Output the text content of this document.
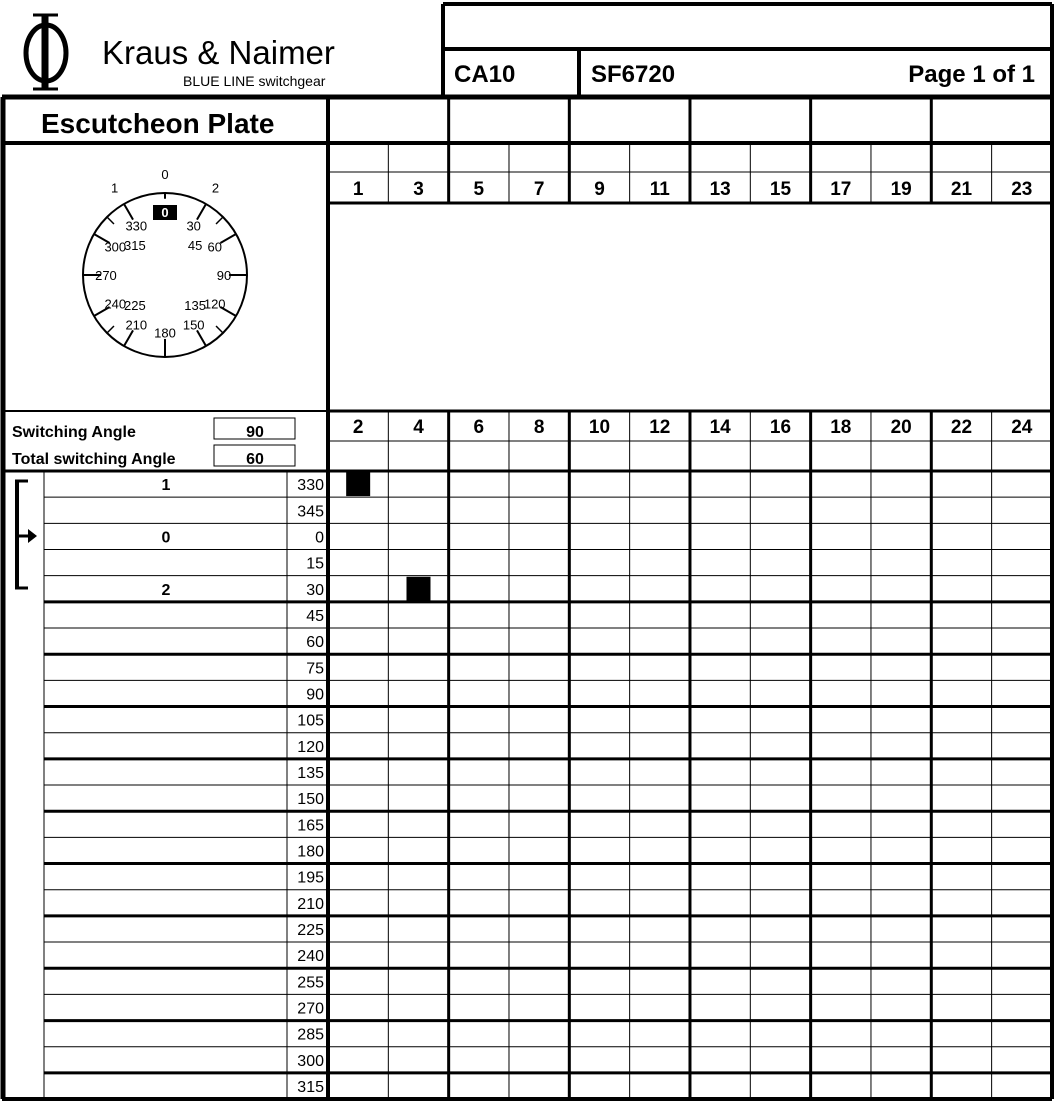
Kraus & Naimer
BLUE LINE switchgear	CA10	SF6720	Page 1 of 1
Escutcheon Plate
30
45 60
90
120
135
150
180
210
225
240
270
300
315
330
0
1
0
2
Switching Angle	90
Total switching Angle	60
1	3	5	7	9 11 13 15 17 19 21 23
2	4	6	8 10 12 14 16 18 20 22 24
1	330
345
0	0
15
2	30
45
60
75
90
105
120
135
150
165
180
195
210
225
240
255
270
285
300
315
